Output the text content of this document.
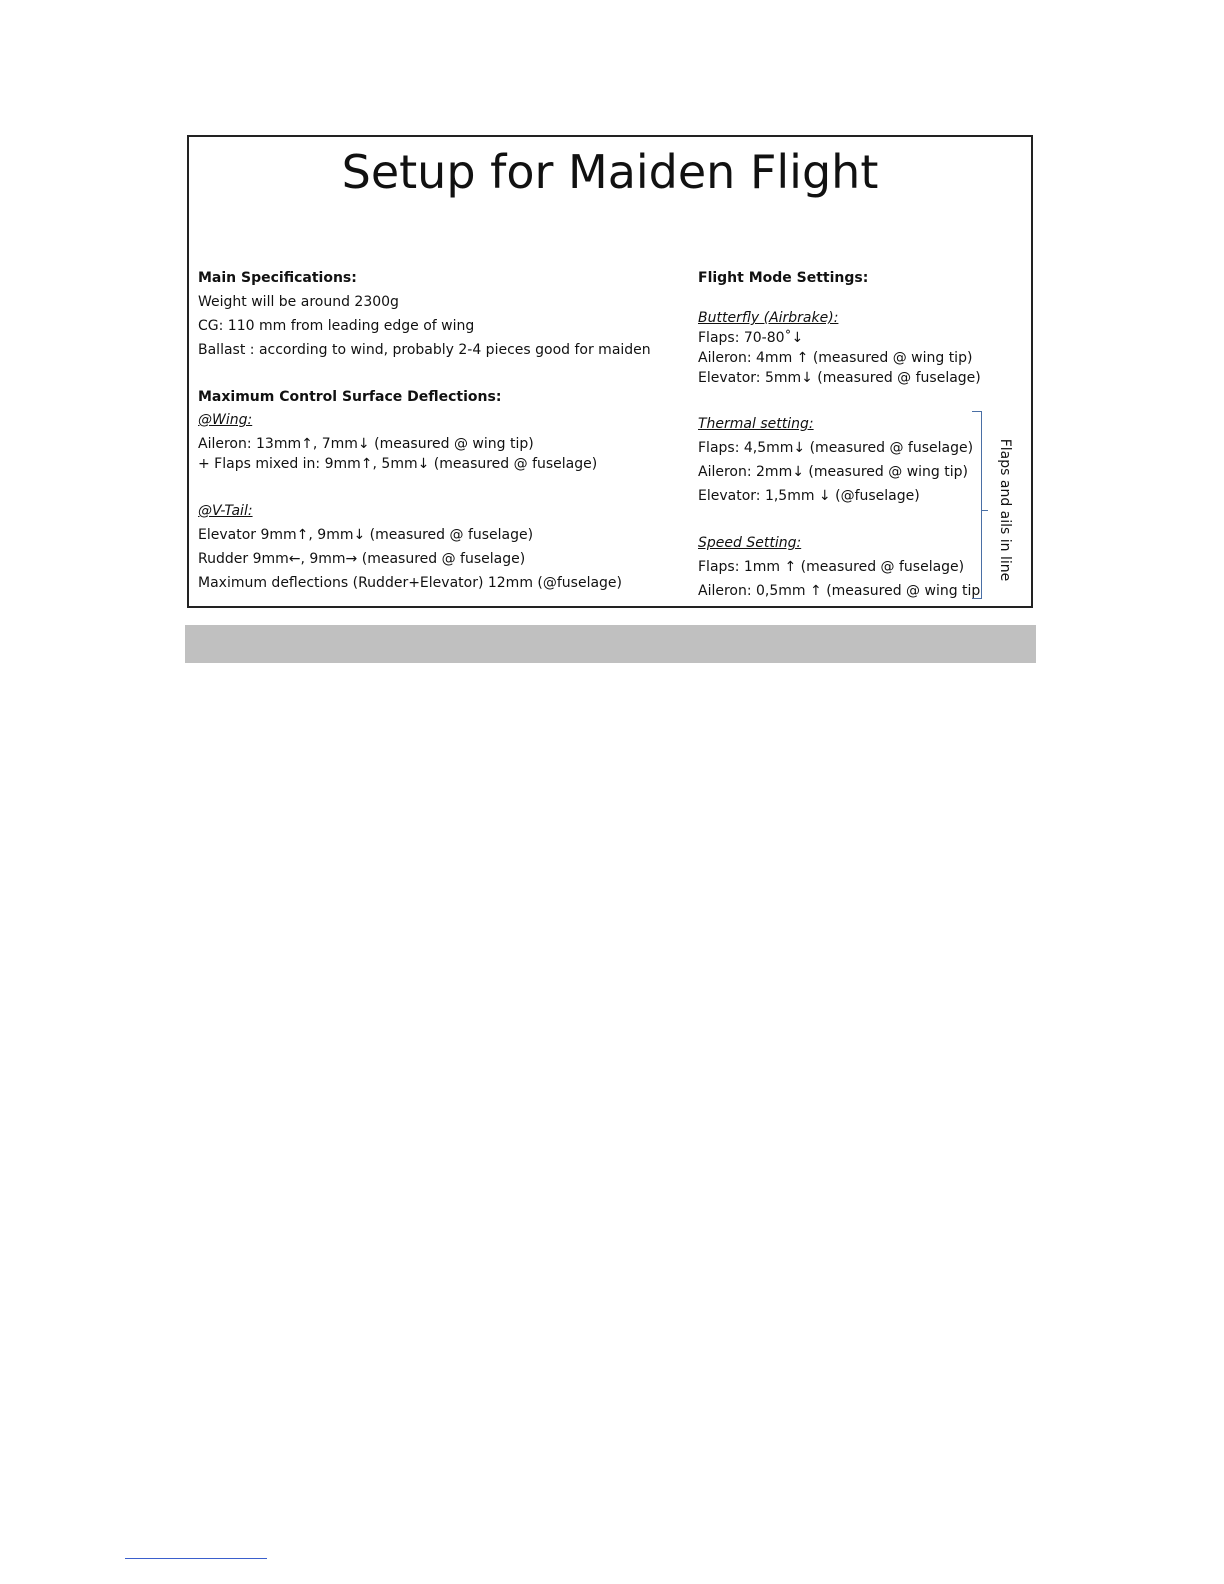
Setup for Maiden Flight
Main Specifications:
Weight will be around 2300g
CG: 110 mm from leading edge of wing
Ballast : according to wind, probably 2-4 pieces good for maiden
Maximum Control Surface Deflections:
@Wing:
Aileron: 13mm↑, 7mm↓ (measured @ wing tip)
+ Flaps mixed in: 9mm↑, 5mm↓ (measured @ fuselage)
@V-Tail:
Elevator 9mm↑, 9mm↓ (measured @ fuselage)
Rudder 9mm←, 9mm→ (measured @ fuselage)
Maximum deflections (Rudder+Elevator) 12mm (@fuselage)
Flight Mode Settings:
Butterfly (Airbrake):
Flaps: 70-80˚↓
Aileron: 4mm ↑ (measured @ wing tip)
Elevator: 5mm↓ (measured @ fuselage)
Thermal setting:
Flaps: 4,5mm↓ (measured @ fuselage)
Aileron: 2mm↓ (measured @ wing tip)
Elevator: 1,5mm ↓ (@fuselage)
Speed Setting:
Flaps: 1mm ↑ (measured @ fuselage)
Aileron: 0,5mm ↑ (measured @ wing tip
Flaps and ails in line
